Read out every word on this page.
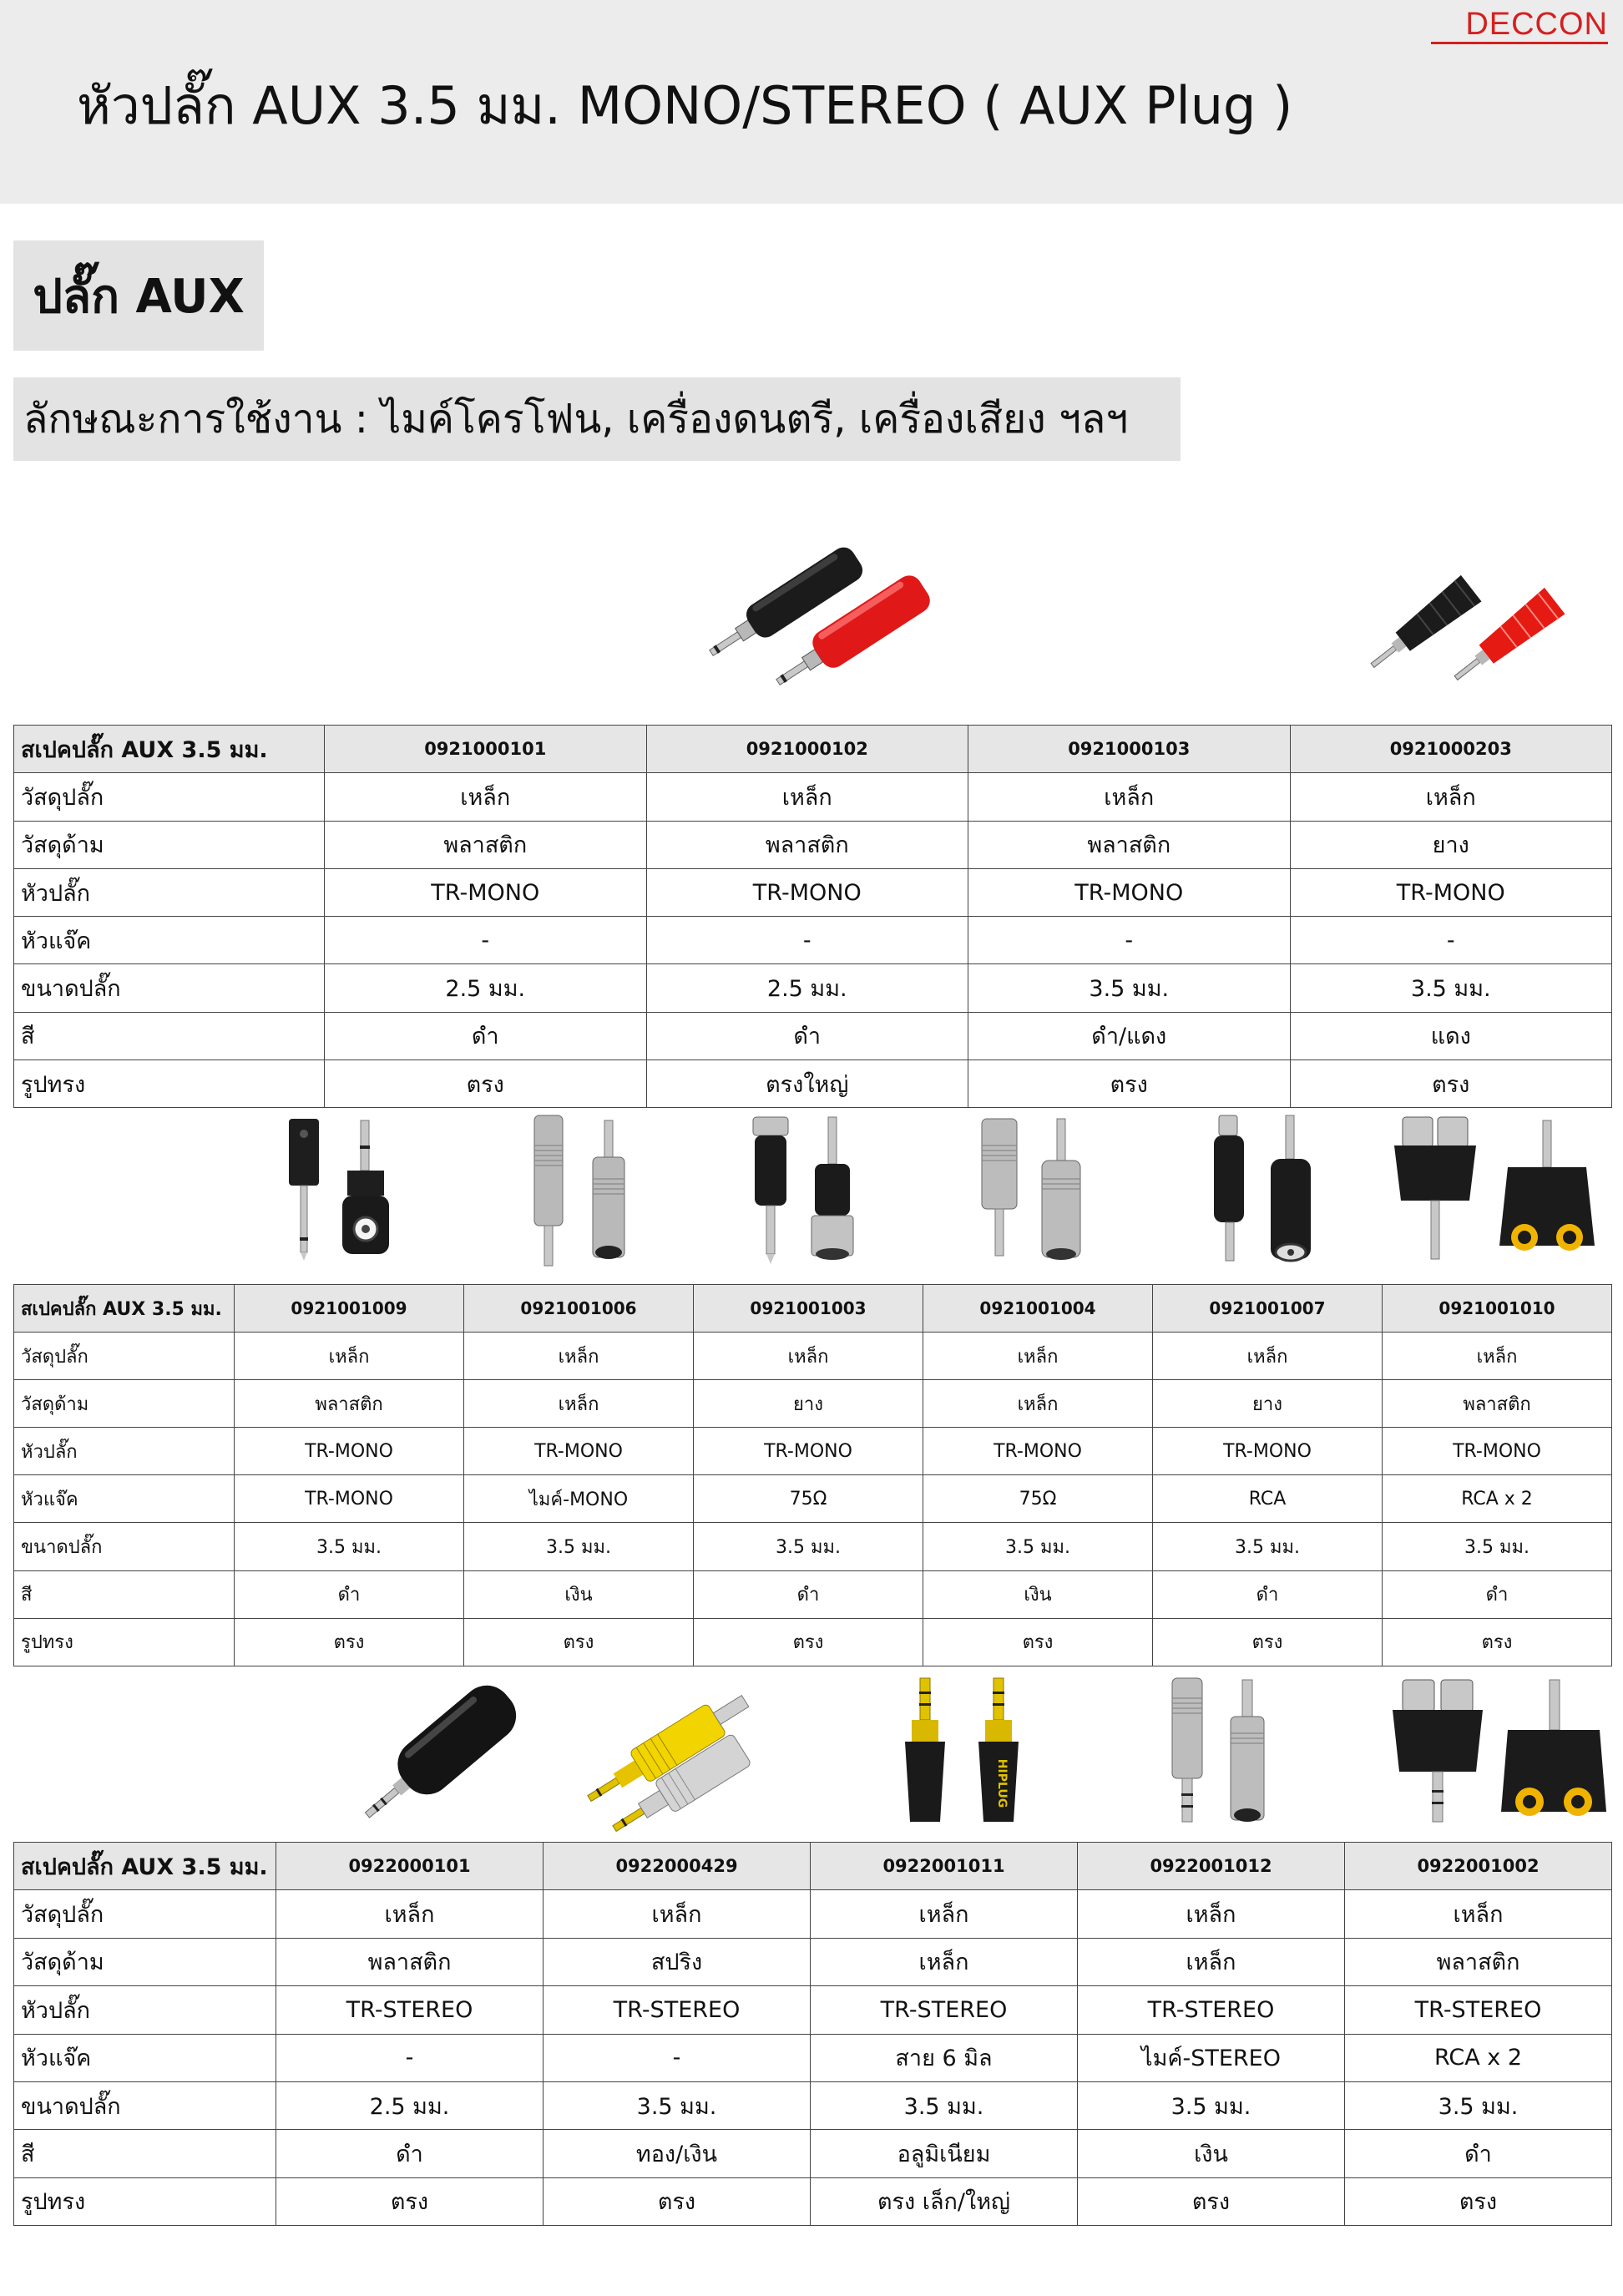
DECCON
หัวปลั๊ก AUX 3.5 มม. MONO/STEREO ( AUX Plug )
ปลั๊ก AUX
ลักษณะการใช้งาน : ไมค์โครโฟน, เครื่องดนตรี, เครื่องเสียง ฯลฯ
สเปคปลั๊ก AUX 3.5 มม.	0921000101	0921000102	0921000103	0921000203
วัสดุปลั๊ก	เหล็ก	เหล็ก	เหล็ก	เหล็ก
วัสดุด้าม	พลาสติก	พลาสติก	พลาสติก	ยาง
หัวปลั๊ก	TR-MONO	TR-MONO	TR-MONO	TR-MONO
หัวแจ๊ค	-	-	-	-
ขนาดปลั๊ก	2.5 มม.	2.5 มม.	3.5 มม.	3.5 มม.
สี	ดำ	ดำ	ดำ/แดง	แดง
รูปทรง	ตรง	ตรงใหญ่	ตรง	ตรง
สเปคปลั๊ก AUX 3.5 มม.	0921001009	0921001006	0921001003	0921001004	0921001007	0921001010
วัสดุปลั๊ก	เหล็ก	เหล็ก	เหล็ก	เหล็ก	เหล็ก	เหล็ก
วัสดุด้าม	พลาสติก	เหล็ก	ยาง	เหล็ก	ยาง	พลาสติก
หัวปลั๊ก	TR-MONO	TR-MONO	TR-MONO	TR-MONO	TR-MONO	TR-MONO
หัวแจ๊ค	TR-MONO	ไมค์-MONO	75Ω	75Ω	RCA	RCA x 2
ขนาดปลั๊ก	3.5 มม.	3.5 มม.	3.5 มม.	3.5 มม.	3.5 มม.	3.5 มม.
สี	ดำ	เงิน	ดำ	เงิน	ดำ	ดำ
รูปทรง	ตรง	ตรง	ตรง	ตรง	ตรง	ตรง
HIPLUG
สเปคปลั๊ก AUX 3.5 มม.	0922000101	0922000429	0922001011	0922001012	0922001002
วัสดุปลั๊ก	เหล็ก	เหล็ก	เหล็ก	เหล็ก	เหล็ก
วัสดุด้าม	พลาสติก	สปริง	เหล็ก	เหล็ก	พลาสติก
หัวปลั๊ก	TR-STEREO	TR-STEREO	TR-STEREO	TR-STEREO	TR-STEREO
หัวแจ๊ค	-	-	สาย 6 มิล	ไมค์-STEREO	RCA x 2
ขนาดปลั๊ก	2.5 มม.	3.5 มม.	3.5 มม.	3.5 มม.	3.5 มม.
สี	ดำ	ทอง/เงิน	อลูมิเนียม	เงิน	ดำ
รูปทรง	ตรง	ตรง	ตรง เล็ก/ใหญ่	ตรง	ตรง
